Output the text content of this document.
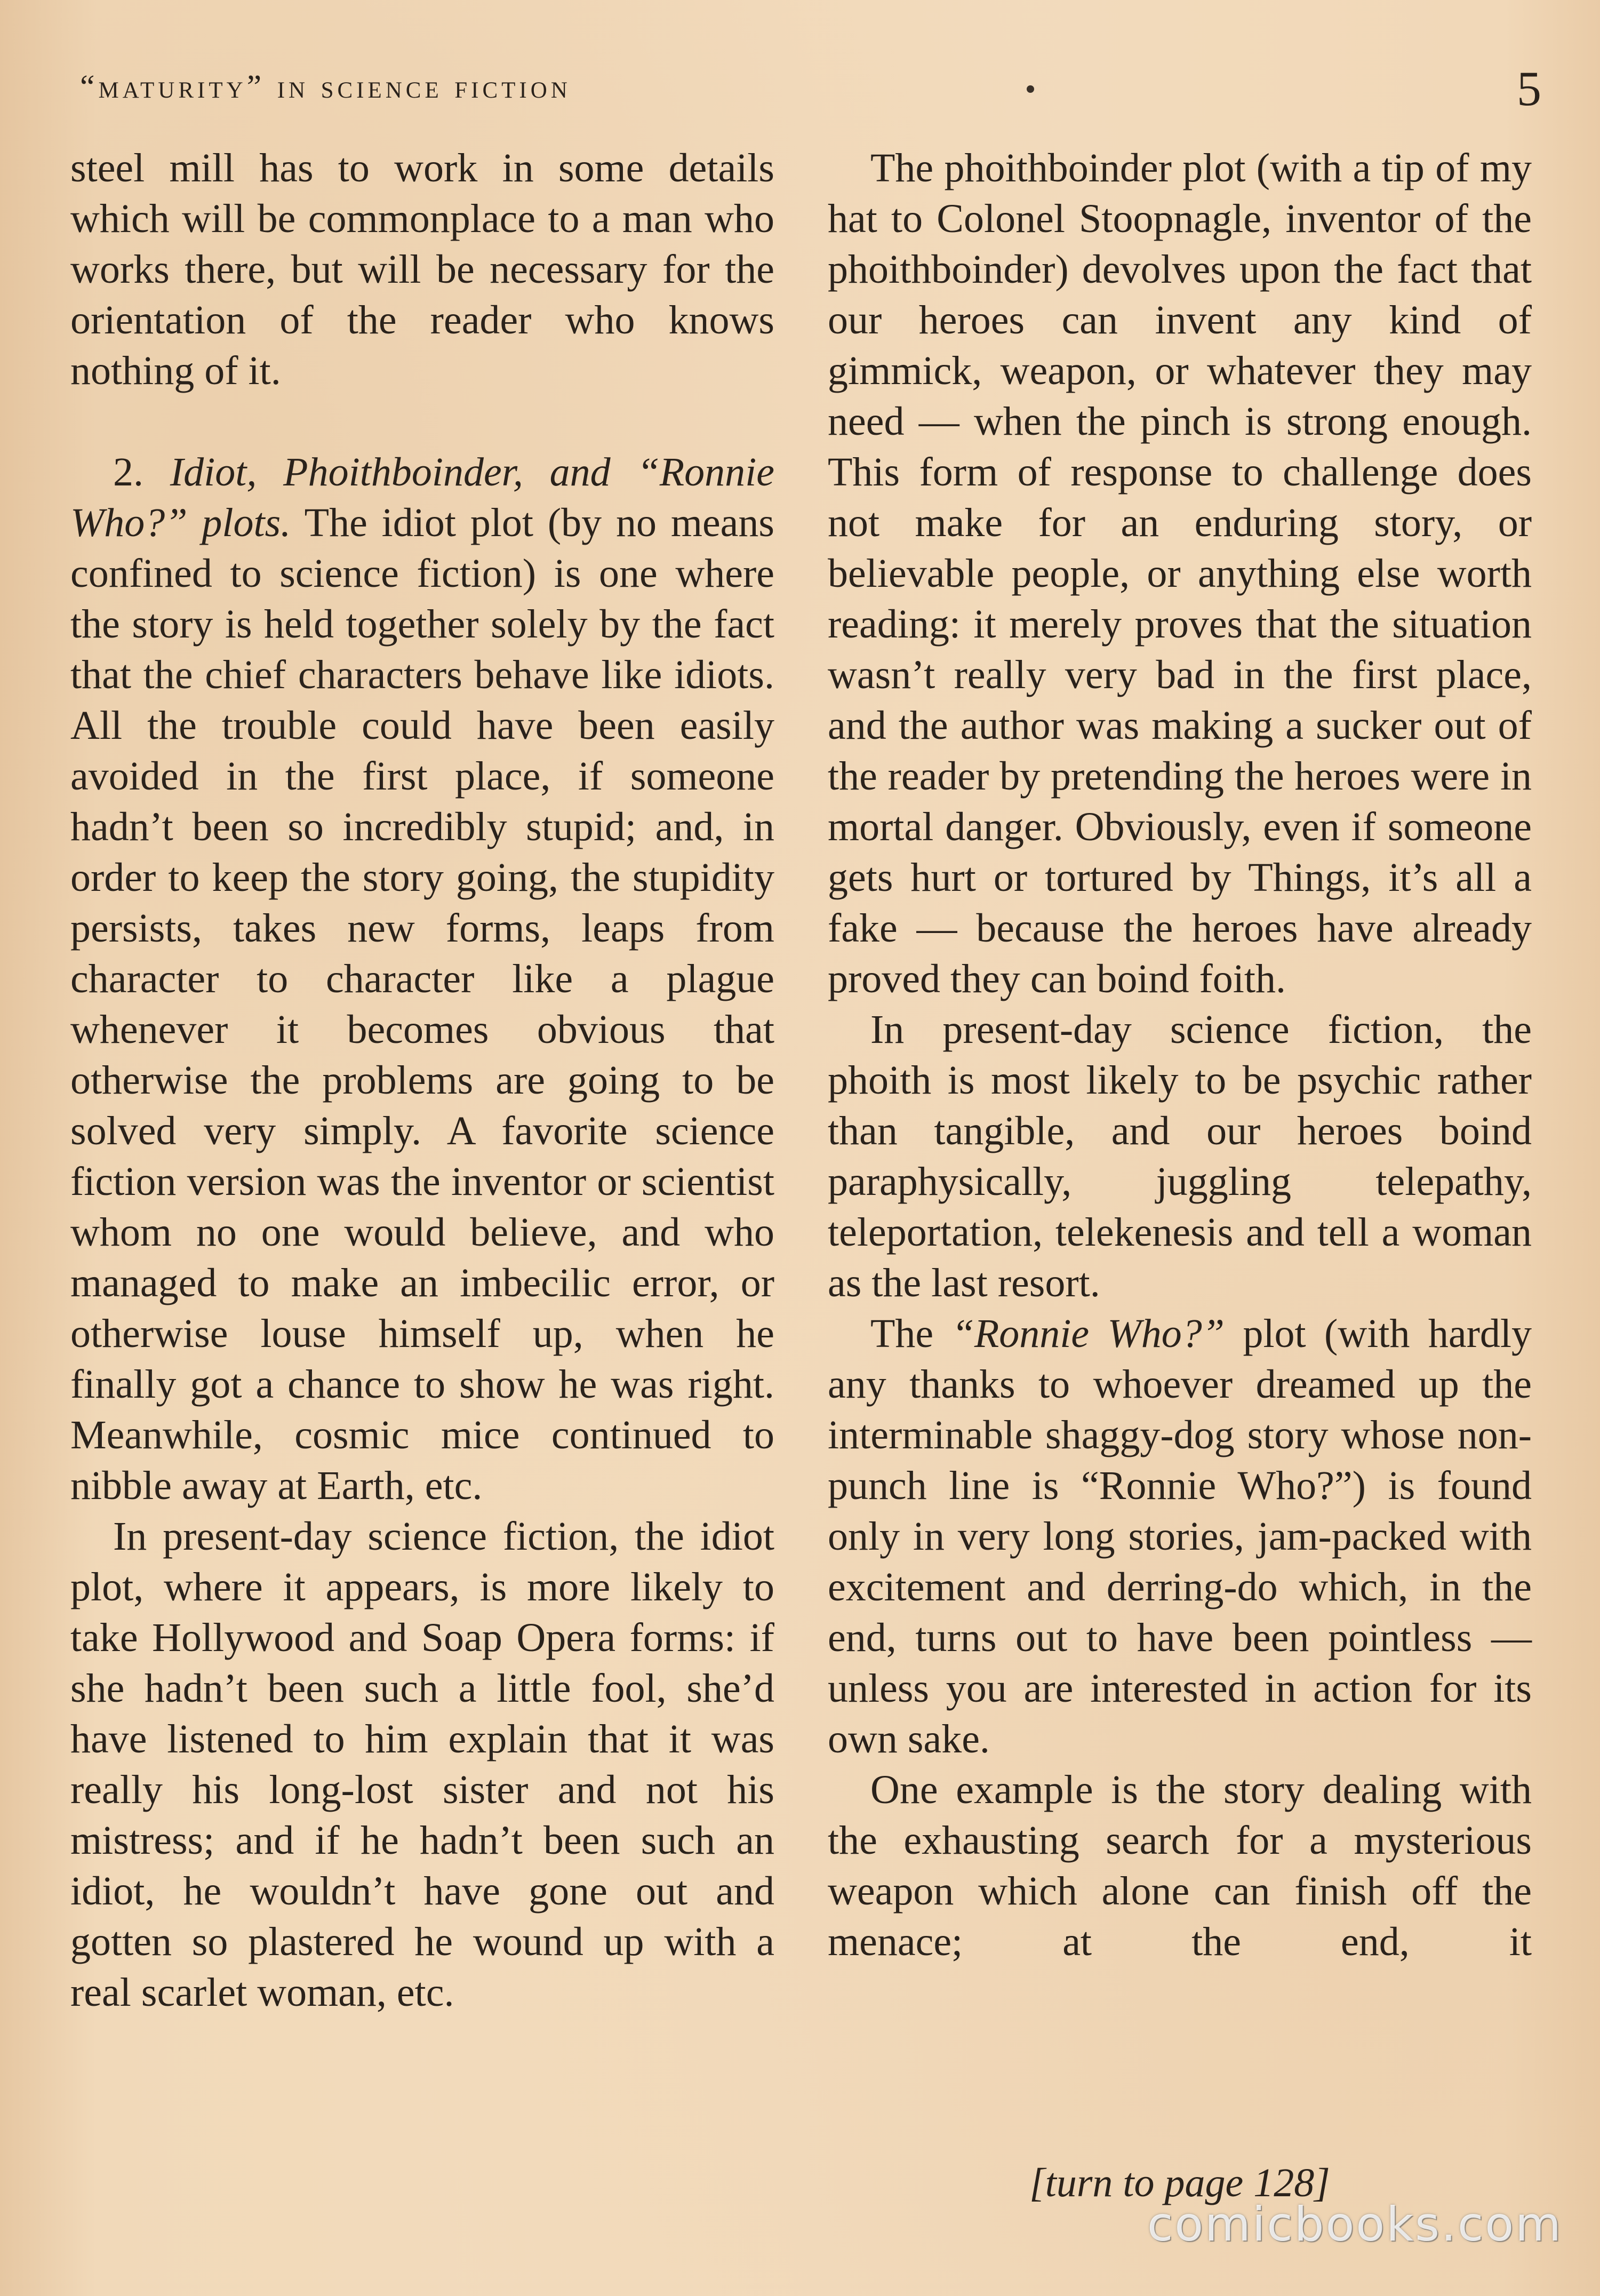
“maturity” in science fiction	5

steel mill has to work in some details which will be commonplace to a man who works there, but will be necessary for the orientation of the reader who knows nothing of it.

2. Idiot, Phoithboinder, and “Ronnie Who?” plots. The idiot plot (by no means confined to science fiction) is one where the story is held together solely by the fact that the chief characters behave like idiots. All the trouble could have been easily avoided in the first place, if someone hadn’t been so incredibly stupid; and, in order to keep the story going, the stupidity persists, takes new forms, leaps from character to character like a plague whenever it becomes obvious that otherwise the problems are going to be solved very simply. A favorite science fiction version was the inventor or scientist whom no one would believe, and who managed to make an imbecilic error, or otherwise louse himself up, when he finally got a chance to show he was right. Meanwhile, cosmic mice continued to nibble away at Earth, etc.

In present-day science fiction, the idiot plot, where it appears, is more likely to take Hollywood and Soap Opera forms: if she hadn’t been such a little fool, she’d have listened to him explain that it was really his long-lost sister and not his mistress; and if he hadn’t been such an idiot, he wouldn’t have gone out and gotten so plastered he wound up with a real scarlet woman, etc.

The phoithboinder plot (with a tip of my hat to Colonel Stoopnagle, inventor of the phoithboinder) devolves upon the fact that our heroes can invent any kind of gimmick, weapon, or whatever they may need — when the pinch is strong enough. This form of response to challenge does not make for an enduring story, or believable people, or anything else worth reading: it merely proves that the situation wasn’t really very bad in the first place, and the author was making a sucker out of the reader by pretending the heroes were in mortal danger. Obviously, even if someone gets hurt or tortured by Things, it’s all a fake — because the heroes have already proved they can boind foith.

In present-day science fiction, the phoith is most likely to be psychic rather than tangible, and our heroes boind paraphysically, juggling telepathy, teleportation, telekenesis and tell a woman as the last resort.

The “Ronnie Who?” plot (with hardly any thanks to whoever dreamed up the interminable shaggy-dog story whose non-punch line is “Ronnie Who?”) is found only in very long stories, jam-packed with excitement and derring-do which, in the end, turns out to have been pointless — unless you are interested in action for its own sake.

One example is the story dealing with the exhausting search for a mysterious weapon which alone can finish off the menace; at the end, it

[turn to page 128]
comicbooks.com
